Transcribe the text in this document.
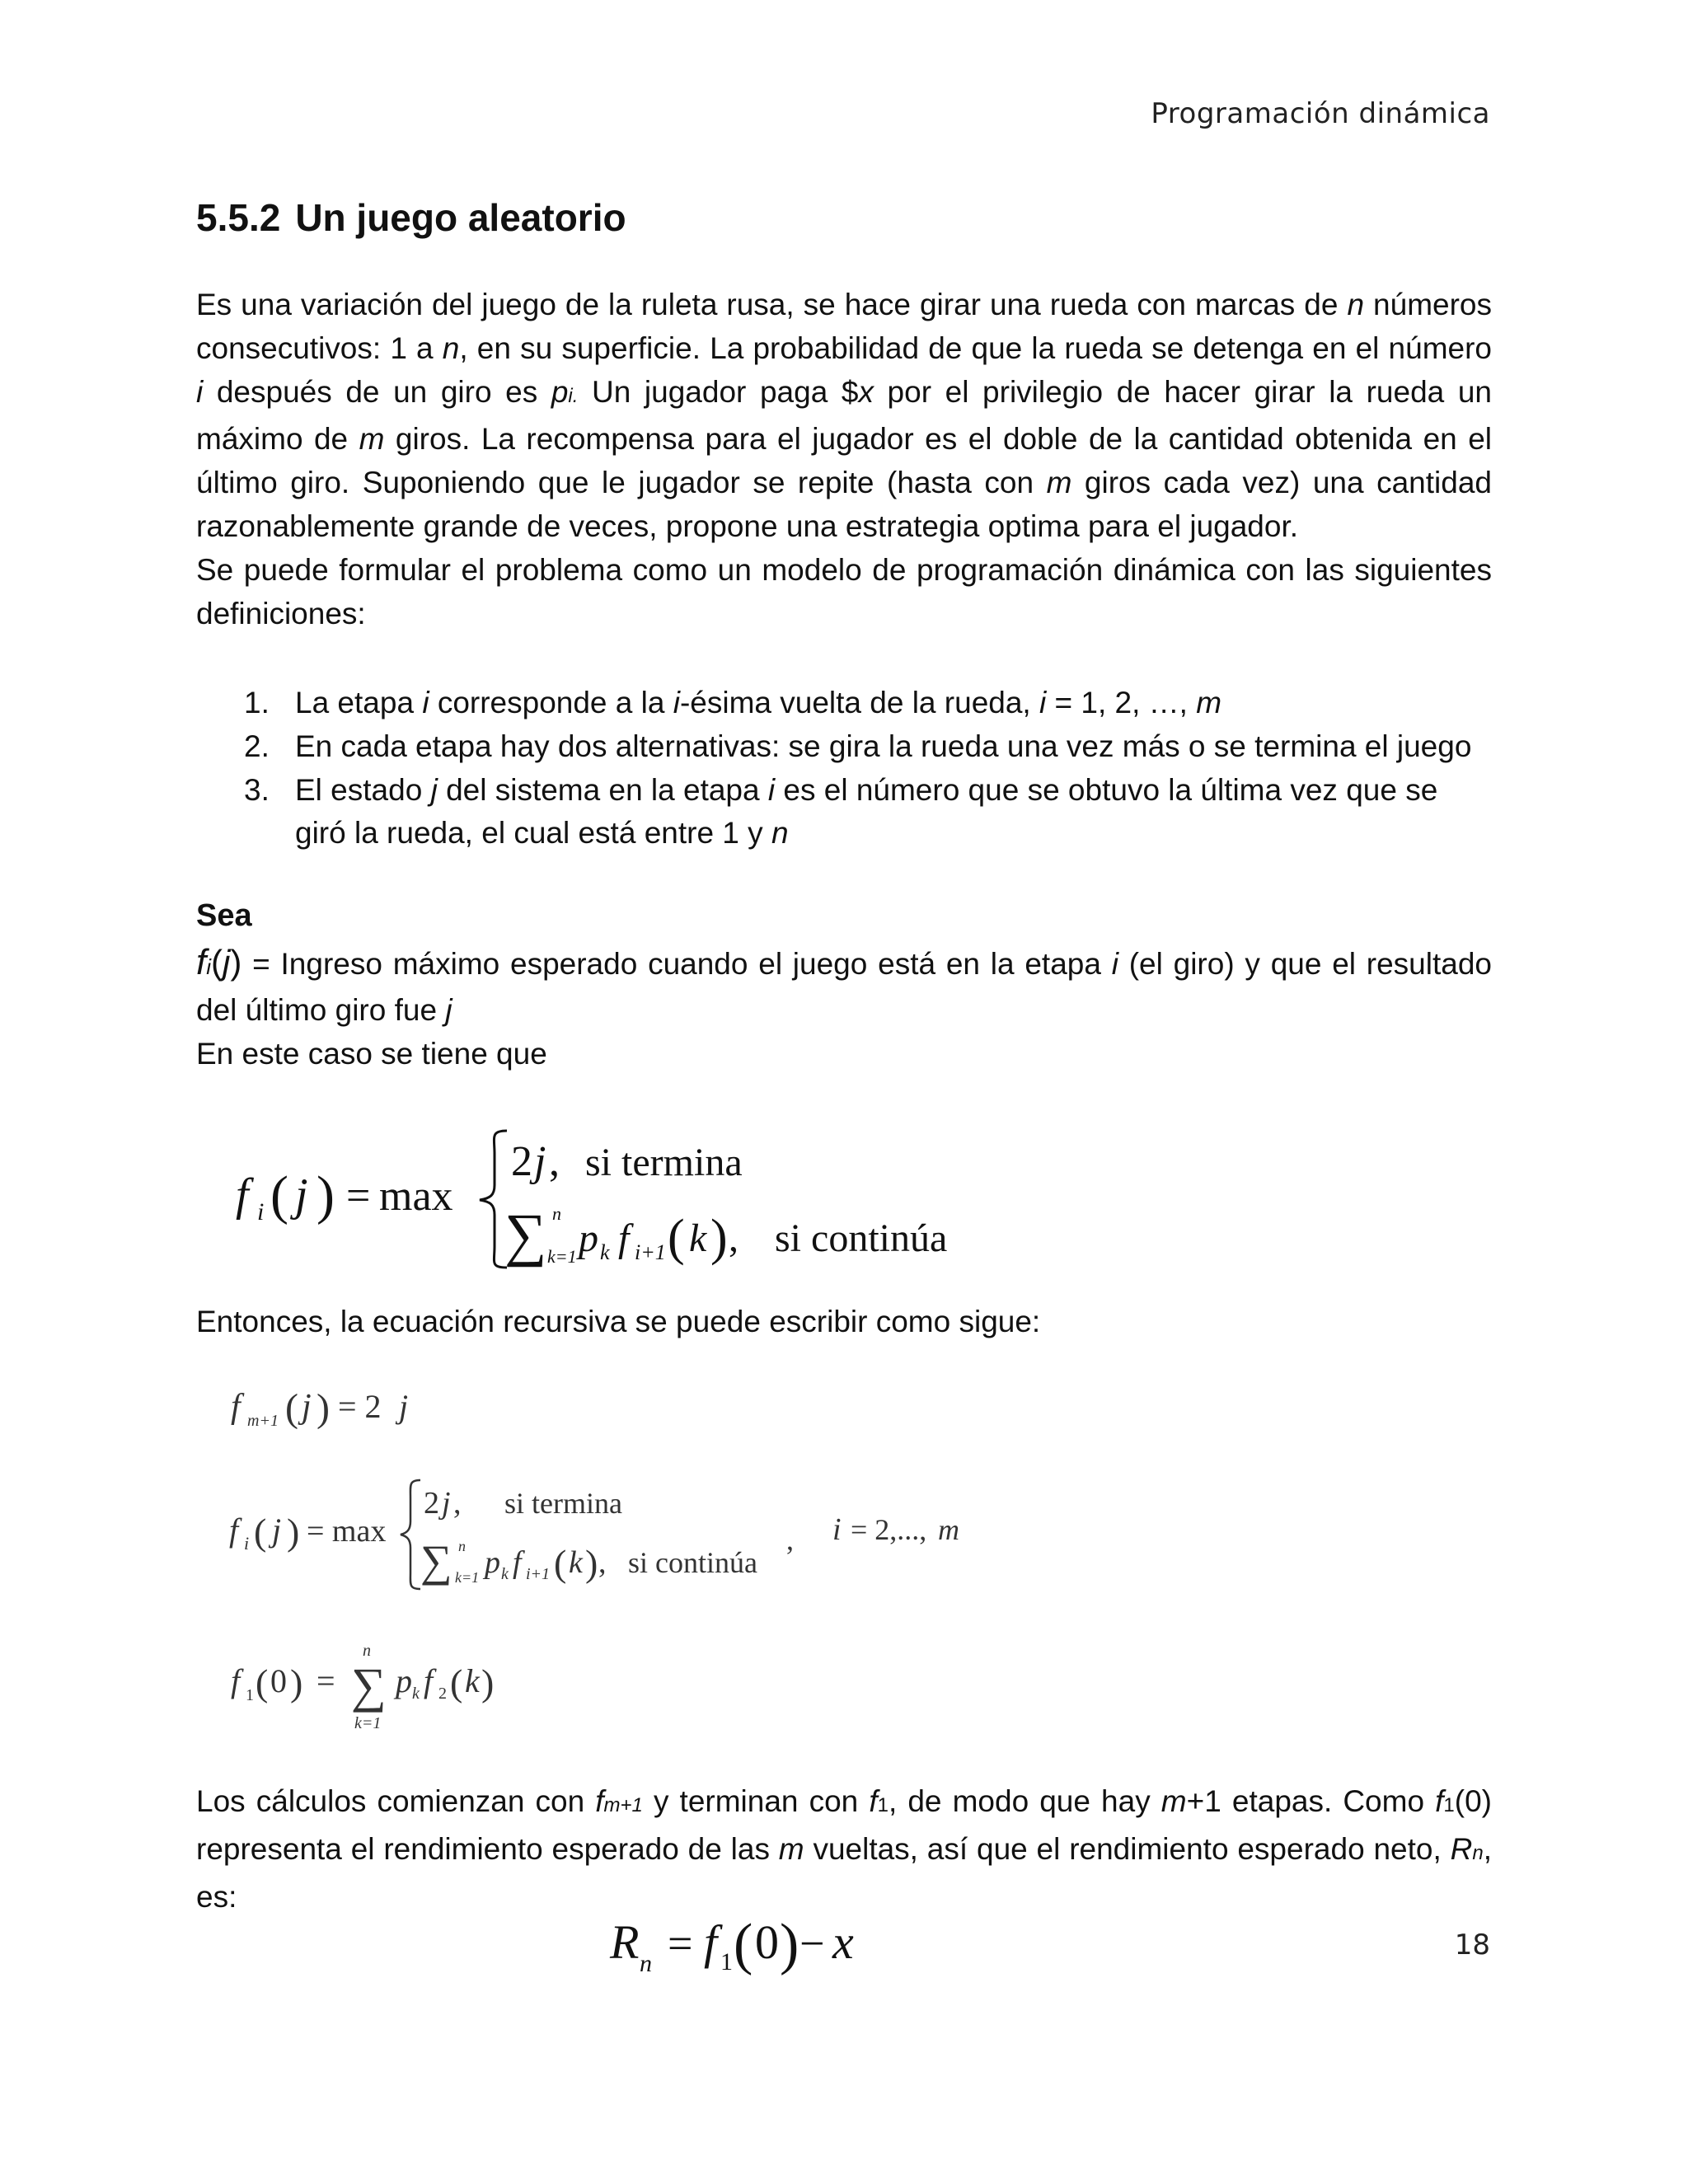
Programación dinámica
5.5.2 Un juego aleatorio

Es una variación del juego de la ruleta rusa, se hace girar una rueda con marcas de n números consecutivos: 1 a n, en su superficie. La probabilidad de que la rueda se detenga en el número i después de un giro es pi. Un jugador paga $x por el privilegio de hacer girar la rueda un máximo de m giros. La recompensa para el jugador es el doble de la cantidad obtenida en el último giro. Suponiendo que le jugador se repite (hasta con m giros cada vez) una cantidad razonablemente grande de veces, propone una estrategia optima para el jugador.

Se puede formular el problema como un modelo de programación dinámica con las siguientes definiciones:

1. La etapa i corresponde a la i-ésima vuelta de la rueda, i = 1, 2, …, m
2. En cada etapa hay dos alternativas: se gira la rueda una vez más o se termina el juego
3. El estado j del sistema en la etapa i es el número que se obtuvo la última vez que se giró la rueda, el cual está entre 1 y n
Sea

fi(j) = Ingreso máximo esperado cuando el juego está en la etapa i (el giro) y que el resultado del último giro fue j

En este caso se tiene que

f i ( j ) = max
2 j , si termina
∑ n
k=1 p k f i+1 ( k ) , si continúa

Entonces, la ecuación recursiva se puede escribir como sigue:

f m+1 ( j ) = 2 j
f i ( j ) = max
2 j , si termina
∑ n
k=1 p k f i+1 ( k ) , si continúa
, i = 2,..., m
f 1 ( 0 ) = ∑
n
k=1
p k f 2 ( k )

Los cálculos comienzan con fm+1 y terminan con f1, de modo que hay m+1 etapas. Como f1(0) representa el rendimiento esperado de las m vueltas, así que el rendimiento esperado neto, Rn, es:

R n = f 1 ( 0 ) − x	18
